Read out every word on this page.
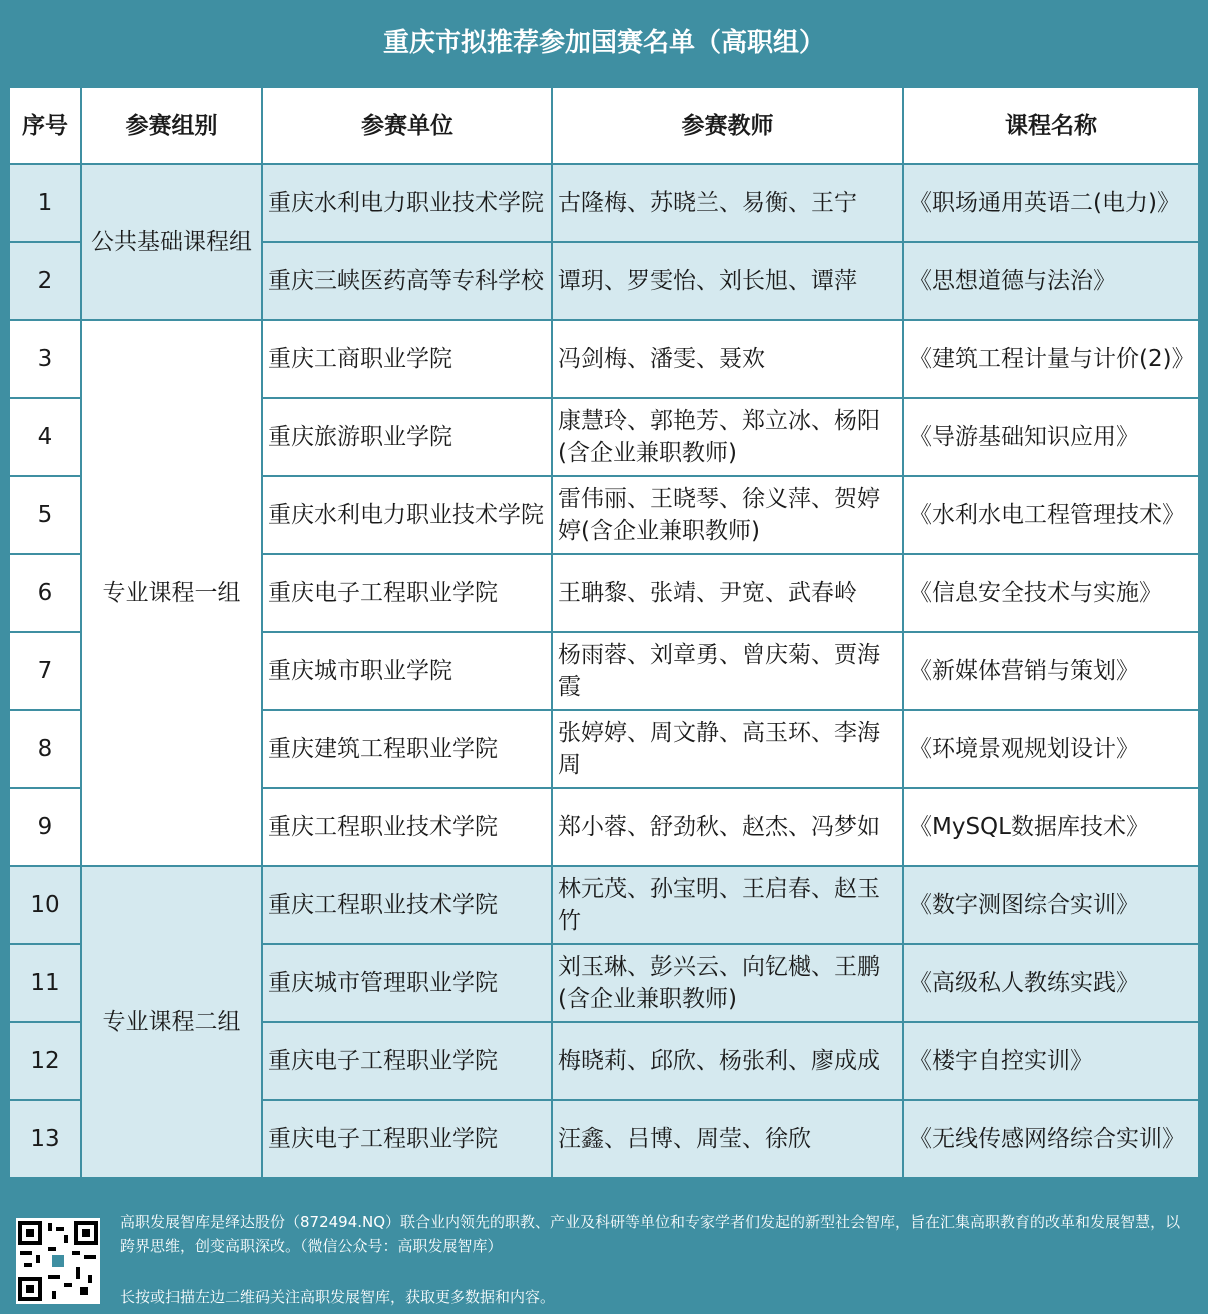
重庆市拟推荐参加国赛名单（高职组）
序号	参赛组别	参赛单位	参赛教师	课程名称
1	公共基础课程组	重庆水利电力职业技术学院	古隆梅、苏晓兰、易衡、王宁	《职场通用英语二(电力)》
2		重庆三峡医药高等专科学校	谭玥、罗雯怡、刘长旭、谭萍	《思想道德与法治》
3	专业课程一组	重庆工商职业学院	冯剑梅、潘雯、聂欢	《建筑工程计量与计价(2)》
4		重庆旅游职业学院	康慧玲、郭艳芳、郑立冰、杨阳(含企业兼职教师)	《导游基础知识应用》
5		重庆水利电力职业技术学院	雷伟丽、王晓琴、徐义萍、贺婷婷(含企业兼职教师)	《水利水电工程管理技术》
6		重庆电子工程职业学院	王聃黎、张靖、尹宽、武春岭	《信息安全技术与实施》
7		重庆城市职业学院	杨雨蓉、刘章勇、曾庆菊、贾海霞	《新媒体营销与策划》
8		重庆建筑工程职业学院	张婷婷、周文静、高玉环、李海周	《环境景观规划设计》
9		重庆工程职业技术学院	郑小蓉、舒劲秋、赵杰、冯梦如	《MySQL数据库技术》
10	专业课程二组	重庆工程职业技术学院	林元茂、孙宝明、王启春、赵玉竹	《数字测图综合实训》
11		重庆城市管理职业学院	刘玉琳、彭兴云、向钇樾、王鹏(含企业兼职教师)	《高级私人教练实践》
12		重庆电子工程职业学院	梅晓莉、邱欣、杨张利、廖成成	《楼宇自控实训》
13		重庆电子工程职业学院	汪鑫、吕博、周莹、徐欣	《无线传感网络综合实训》
高职发展智库是绎达股份（872494.NQ）联合业内领先的职教、产业及科研等单位和专家学者们发起的新型社会智库，旨在汇集高职教育的改革和发展智慧，以跨界思维，创变高职深改。（微信公众号：高职发展智库）
长按或扫描左边二维码关注高职发展智库，获取更多数据和内容。
